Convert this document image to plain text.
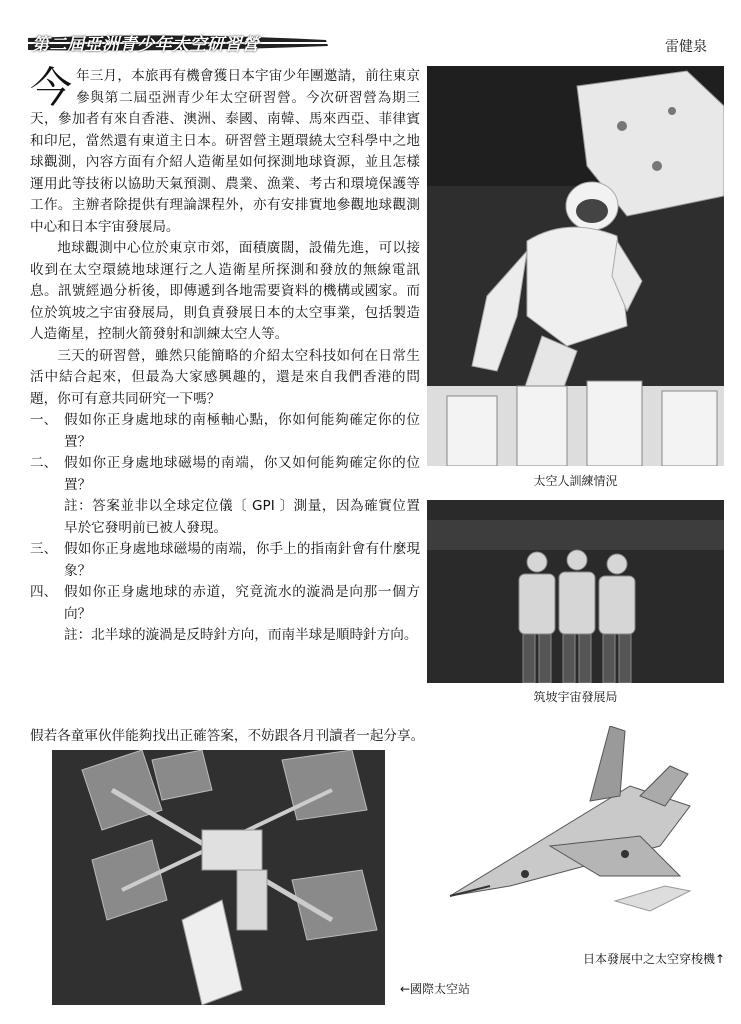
第二屆亞洲青少年太空研習營	雷健泉

今年三月，本旅再有機會獲日本宇宙少年團邀請，前往東京參與第二屆亞洲青少年太空研習營。今次研習營為期三天，參加者有來自香港、澳洲、泰國、南韓、馬來西亞、菲律賓和印尼，當然還有東道主日本。研習營主題環繞太空科學中之地球觀測，內容方面有介紹人造衛星如何探測地球資源，並且怎樣運用此等技術以協助天氣預測、農業、漁業、考古和環境保護等工作。主辦者除提供有理論課程外，亦有安排實地參觀地球觀測中心和日本宇宙發展局。

地球觀測中心位於東京市郊，面積廣闊，設備先進，可以接收到在太空環繞地球運行之人造衛星所探測和發放的無線電訊息。訊號經過分析後，即傳遞到各地需要資料的機構或國家。而位於筑坡之宇宙發展局，則負責發展日本的太空事業，包括製造人造衛星，控制火箭發射和訓練太空人等。

三天的研習營，雖然只能簡略的介紹太空科技如何在日常生活中結合起來，但最為大家感興趣的，還是來自我們香港的問題，你可有意共同研究一下嗎？

一、 假如你正身處地球的南極軸心點，你如何能夠確定你的位置？
二、 假如你正身處地球磁場的南端，你又如何能夠確定你的位置？

註：答案並非以全球定位儀〔 GPI 〕測量，因為確實位置早於它發明前已被人發現。

三、 假如你正身處地球磁場的南端，你手上的指南針會有什麼現象？
四、 假如你正身處地球的赤道，究竟流水的漩渦是向那一個方向？

註：北半球的漩渦是反時針方向，而南半球是順時針方向。

假若各童軍伙伴能夠找出正確答案，不妨跟各月刊讀者一起分享。
太空人訓練情況
筑坡宇宙發展局
←國際太空站
日本發展中之太空穿梭機↑
